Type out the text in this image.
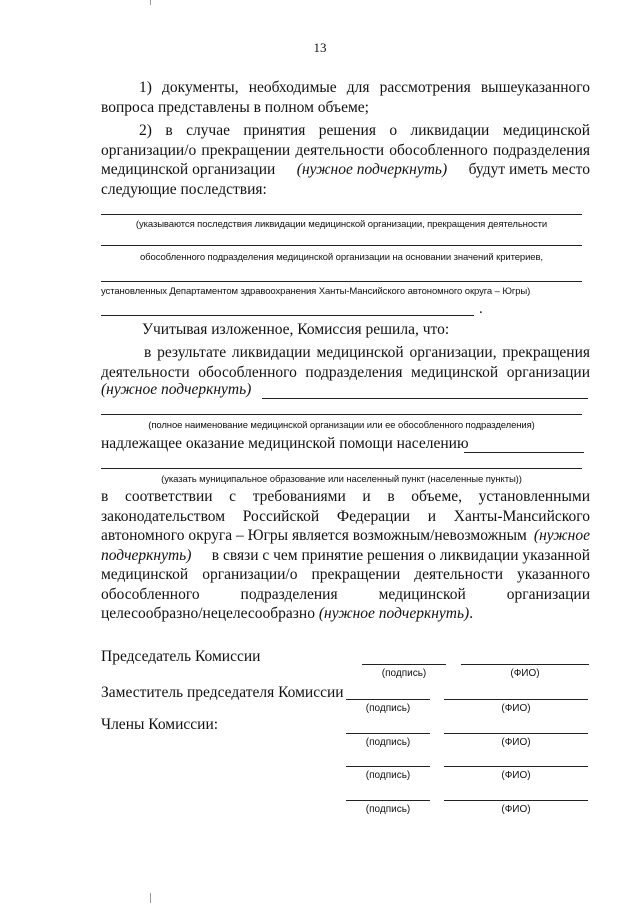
13
1) документы, необходимые для рассмотрения вышеуказанного
вопроса представлены в полном объеме;
2) в случае принятия решения о ликвидации медицинской
организации/о прекращении деятельности обособленного подразделения
медицинской организации (нужное подчеркнуть) будут иметь место
следующие последствия:
(указываются последствия ликвидации медицинской организации, прекращения деятельности
обособленного подразделения медицинской организации на основании значений критериев,
установленных Департаментом здравоохранения Ханты-Мансийского автономного округа – Югры)
.
Учитывая изложенное, Комиссия решила, что:
в результате ликвидации медицинской организации, прекращения
деятельности обособленного подразделения медицинской организации
(нужное подчеркнуть)
(полное наименование медицинской организации или ее обособленного подразделения)
надлежащее оказание медицинской помощи населению
(указать муниципальное образование или населенный пункт (населенные пункты))
в соответствии с требованиями и в объеме, установленными
законодательством Российской Федерации и Ханты-Мансийского
автономного округа – Югры является возможным/невозможным (нужное
подчеркнуть) в связи с чем принятие решения о ликвидации указанной
медицинской организации/о прекращении деятельности указанного
обособленного подразделения медицинской организации
целесообразно/нецелесообразно (нужное подчеркнуть).
Председатель Комиссии
(подпись)	(ФИО)
Заместитель председателя Комиссии
(подпись)	(ФИО)
Члены Комиссии:
(подпись)	(ФИО)
(подпись)	(ФИО)
(подпись)	(ФИО)
